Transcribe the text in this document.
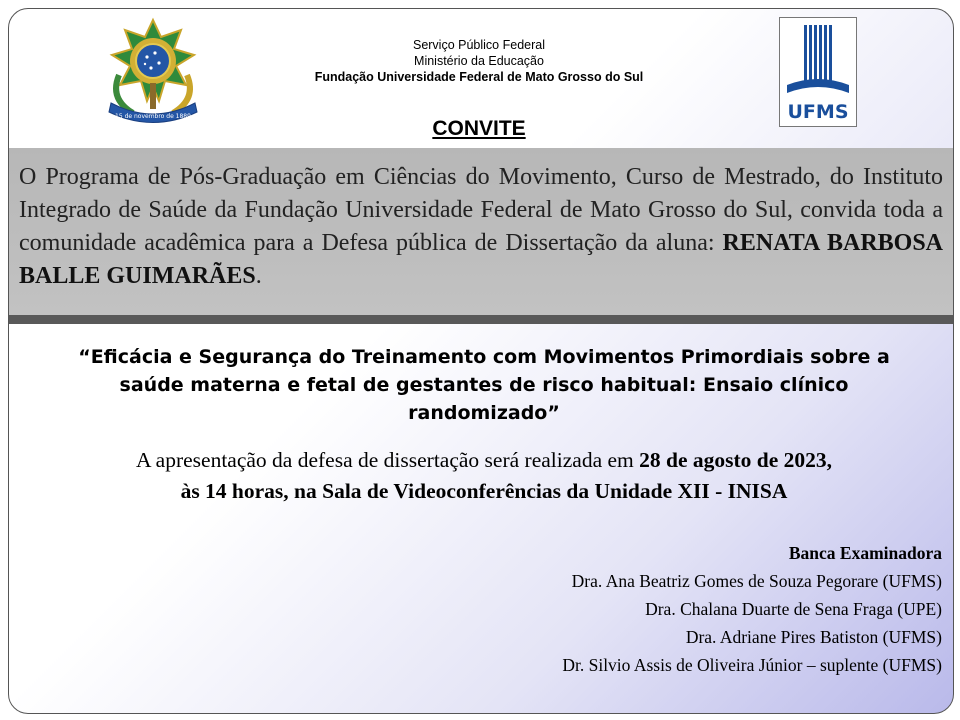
15 de novembro de 1889
Serviço Público Federal
Ministério da Educação
Fundação Universidade Federal de Mato Grosso do Sul
UFMS
CONVITE

O Programa de Pós-Graduação em Ciências do Movimento, Curso de Mestrado, do Instituto Integrado de Saúde da Fundação Universidade Federal de Mato Grosso do Sul, convida toda a comunidade acadêmica para a Defesa pública de Dissertação da aluna: RENATA BARBOSA BALLE GUIMARÃES.

“Eficácia e Segurança do Treinamento com Movimentos Primordiais sobre a saúde materna e fetal de gestantes de risco habitual: Ensaio clínico randomizado”

A apresentação da defesa de dissertação será realizada em 28 de agosto de 2023,
às 14 horas, na Sala de Videoconferências da Unidade XII - INISA

Banca Examinadora
Dra. Ana Beatriz Gomes de Souza Pegorare (UFMS)
Dra. Chalana Duarte de Sena Fraga (UPE)
Dra. Adriane Pires Batiston (UFMS)
Dr. Silvio Assis de Oliveira Júnior – suplente (UFMS)
